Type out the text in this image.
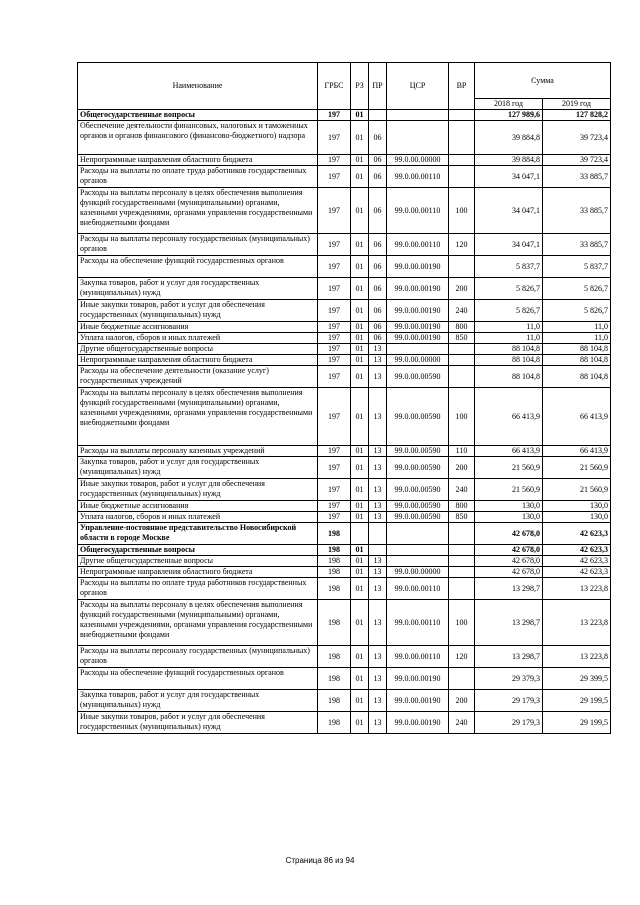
Наименование	ГРБС	РЗ	ПР	ЦСР	ВР	Сумма	
						2018 год	2019 год
Общегосударственные вопросы	197	01				127 989,6	127 828,2
Обеспечение деятельности финансовых, налоговых и таможенных органов и органов финансового (финансово-бюджетного) надзора	197	01	06			39 884,8	39 723,4
Непрограммные направления областного бюджета	197	01	06	99.0.00.00000		39 884,8	39 723,4
Расходы на выплаты по оплате труда работников государственных органов	197	01	06	99.0.00.00110		34 047,1	33 885,7
Расходы на выплаты персоналу в целях обеспечения выполнения функций государственными (муниципальными) органами, казенными учреждениями, органами управления государственными внебюджетными фондами	197	01	06	99.0.00.00110	100	34 047,1	33 885,7
Расходы на выплаты персоналу государственных (муниципальных) органов	197	01	06	99.0.00.00110	120	34 047,1	33 885,7
Расходы на обеспечение функций государственных органов	197	01	06	99.0.00.00190		5 837,7	5 837,7
Закупка товаров, работ и услуг для государственных (муниципальных) нужд	197	01	06	99.0.00.00190	200	5 826,7	5 826,7
Иные закупки товаров, работ и услуг для обеспечения государственных (муниципальных) нужд	197	01	06	99.0.00.00190	240	5 826,7	5 826,7
Иные бюджетные ассигнования	197	01	06	99.0.00.00190	800	11,0	11,0
Уплата налогов, сборов и иных платежей	197	01	06	99.0.00.00190	850	11,0	11,0
Другие общегосударственные вопросы	197	01	13			88 104,8	88 104,8
Непрограммные направления областного бюджета	197	01	13	99.0.00.00000		88 104,8	88 104,8
Расходы на обеспечение деятельности (оказание услуг) государственных учреждений	197	01	13	99.0.00.00590		88 104,8	88 104,8
Расходы на выплаты персоналу в целях обеспечения выполнения функций государственными (муниципальными) органами, казенными учреждениями, органами управления государственными внебюджетными фондами	197	01	13	99.0.00.00590	100	66 413,9	66 413,9
Расходы на выплаты персоналу казенных учреждений	197	01	13	99.0.00.00590	110	66 413,9	66 413,9
Закупка товаров, работ и услуг для государственных (муниципальных) нужд	197	01	13	99.0.00.00590	200	21 560,9	21 560,9
Иные закупки товаров, работ и услуг для обеспечения государственных (муниципальных) нужд	197	01	13	99.0.00.00590	240	21 560,9	21 560,9
Иные бюджетные ассигнования	197	01	13	99.0.00.00590	800	130,0	130,0
Уплата налогов, сборов и иных платежей	197	01	13	99.0.00.00590	850	130,0	130,0
Управление-постоянное представительство Новосибирской области в городе Москве	198					42 678,0	42 623,3
Общегосударственные вопросы	198	01				42 678,0	42 623,3
Другие общегосударственные вопросы	198	01	13			42 678,0	42 623,3
Непрограммные направления областного бюджета	198	01	13	99.0.00.00000		42 678,0	42 623,3
Расходы на выплаты по оплате труда работников государственных органов	198	01	13	99.0.00.00110		13 298,7	13 223,8
Расходы на выплаты персоналу в целях обеспечения выполнения функций государственными (муниципальными) органами, казенными учреждениями, органами управления государственными внебюджетными фондами	198	01	13	99.0.00.00110	100	13 298,7	13 223,8
Расходы на выплаты персоналу государственных (муниципальных) органов	198	01	13	99.0.00.00110	120	13 298,7	13 223,8
Расходы на обеспечение функций государственных органов	198	01	13	99.0.00.00190		29 379,3	29 399,5
Закупка товаров, работ и услуг для государственных (муниципальных) нужд	198	01	13	99.0.00.00190	200	29 179,3	29 199,5
Иные закупки товаров, работ и услуг для обеспечения государственных (муниципальных) нужд	198	01	13	99.0.00.00190	240	29 179,3	29 199,5
Страница 86 из 94
